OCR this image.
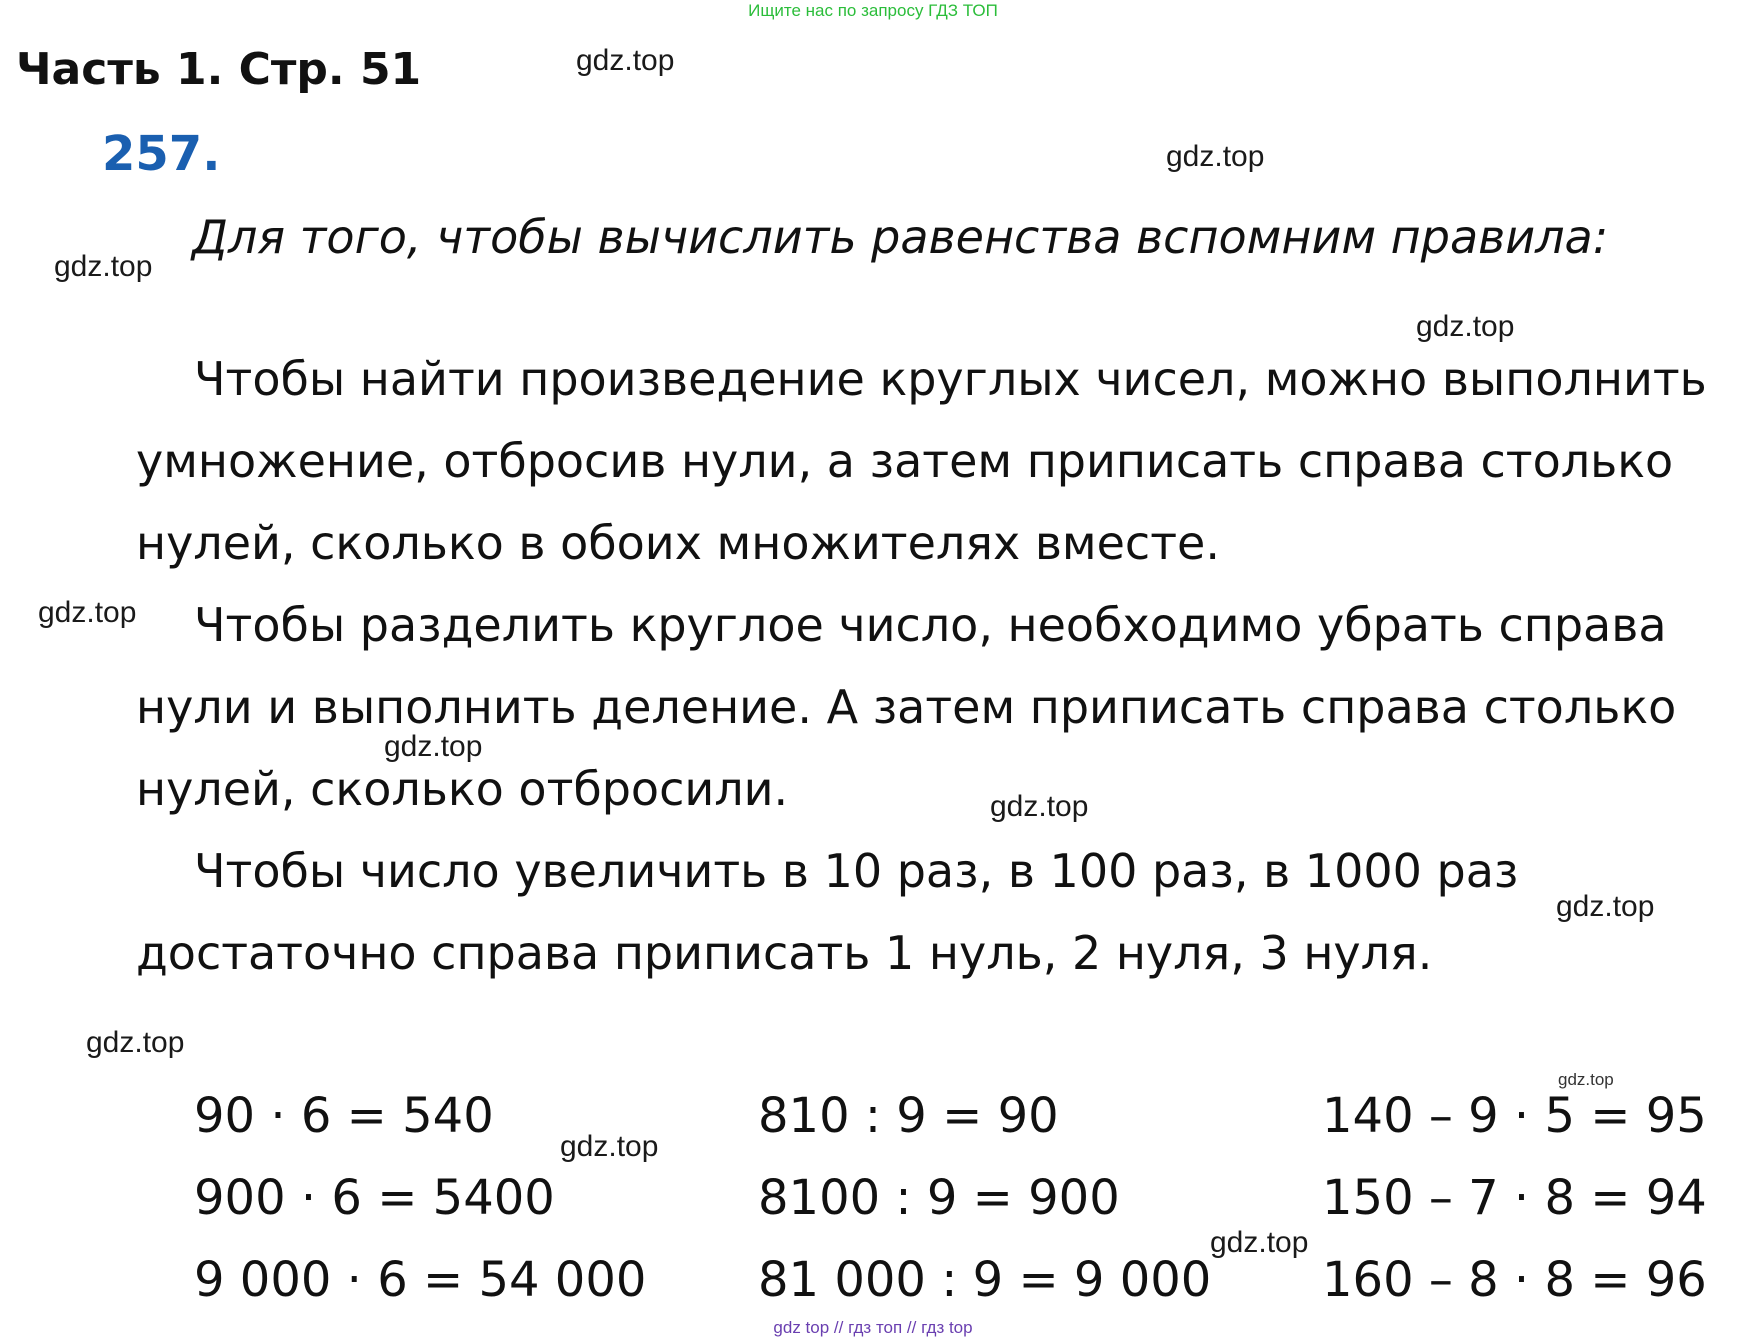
Ищите нас по запросу ГДЗ ТОП
Часть 1. Стр. 51
257.
Для того, чтобы вычислить равенства вспомним правила:
Чтобы найти произведение круглых чисел, можно выполнить
умножение, отбросив нули, а затем приписать справа столько
нулей, сколько в обоих множителях вместе.
Чтобы разделить круглое число, необходимо убрать справа
нули и выполнить деление. А затем приписать справа столько
нулей, сколько отбросили.
Чтобы число увеличить в 10 раз, в 100 раз, в 1000 раз
достаточно справа приписать 1 нуль, 2 нуля, 3 нуля.
90 · 6 = 540
900 · 6 = 5400
9 000 · 6 = 54 000
810 : 9 = 90
8100 : 9 = 900
81 000 : 9 = 9 000
140 – 9 · 5 = 95
150 – 7 · 8 = 94
160 – 8 · 8 = 96
gdz.top
gdz.top
gdz.top
gdz.top
gdz.top
gdz.top
gdz.top
gdz.top
gdz.top
gdz.top
gdz.top
gdz.top
gdz top // гдз топ // гдз top
